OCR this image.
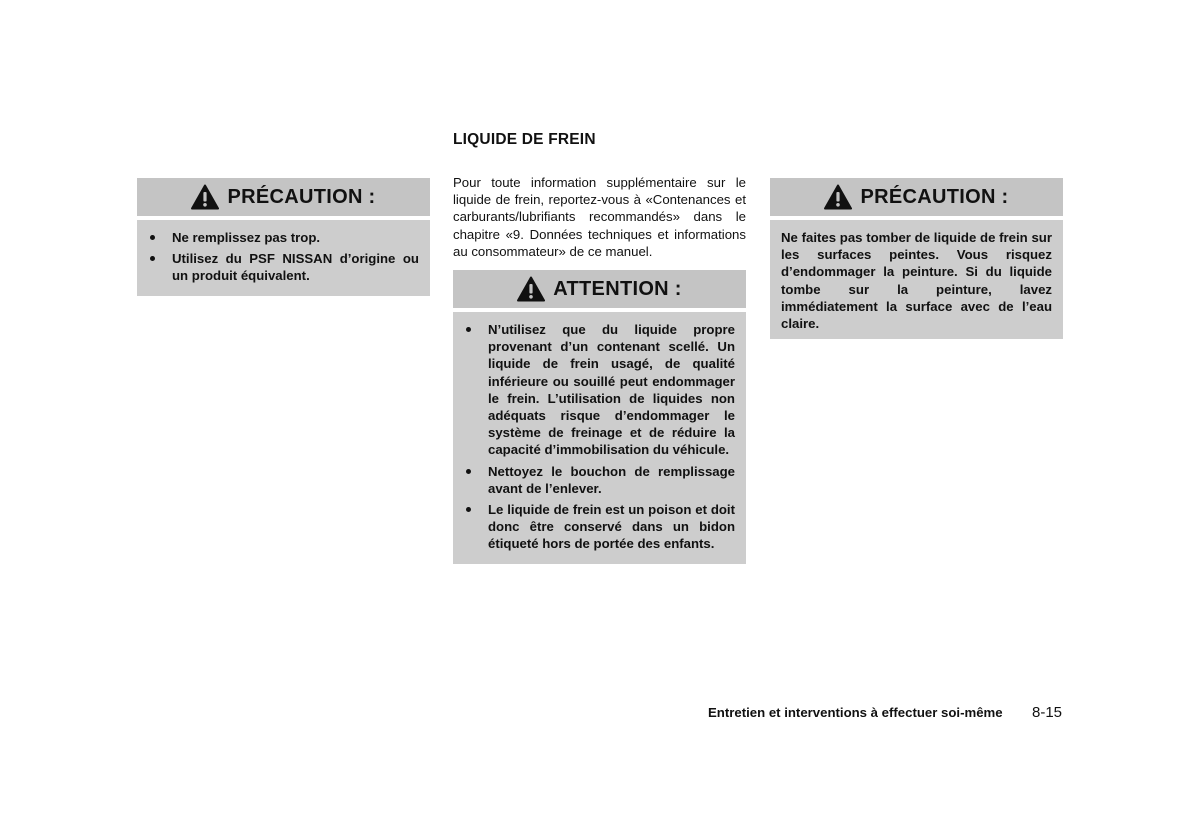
LIQUIDE DE FREIN
PRÉCAUTION :
Ne remplissez pas trop.
Utilisez du PSF NISSAN d’origine ou un produit équivalent.

Pour toute information supplémentaire sur le liquide de frein, reportez-vous à «Contenances et carburants/lubrifiants recommandés» dans le chapitre «9. Données techniques et informations au consommateur» de ce manuel.

ATTENTION :
N’utilisez que du liquide propre provenant d’un contenant scellé. Un liquide de frein usagé, de qualité inférieure ou souillé peut endommager le frein. L’utilisation de liquides non adéquats risque d’endommager le système de freinage et de réduire la capacité d’immobilisation du véhicule.
Nettoyez le bouchon de remplissage avant de l’enlever.
Le liquide de frein est un poison et doit donc être conservé dans un bidon étiqueté hors de portée des enfants.
PRÉCAUTION :

Ne faites pas tomber de liquide de frein sur les surfaces peintes. Vous risquez d’endommager la peinture. Si du liquide tombe sur la peinture, lavez immédiatement la surface avec de l’eau claire.

Entretien et interventions à effectuer soi-même 8-15
